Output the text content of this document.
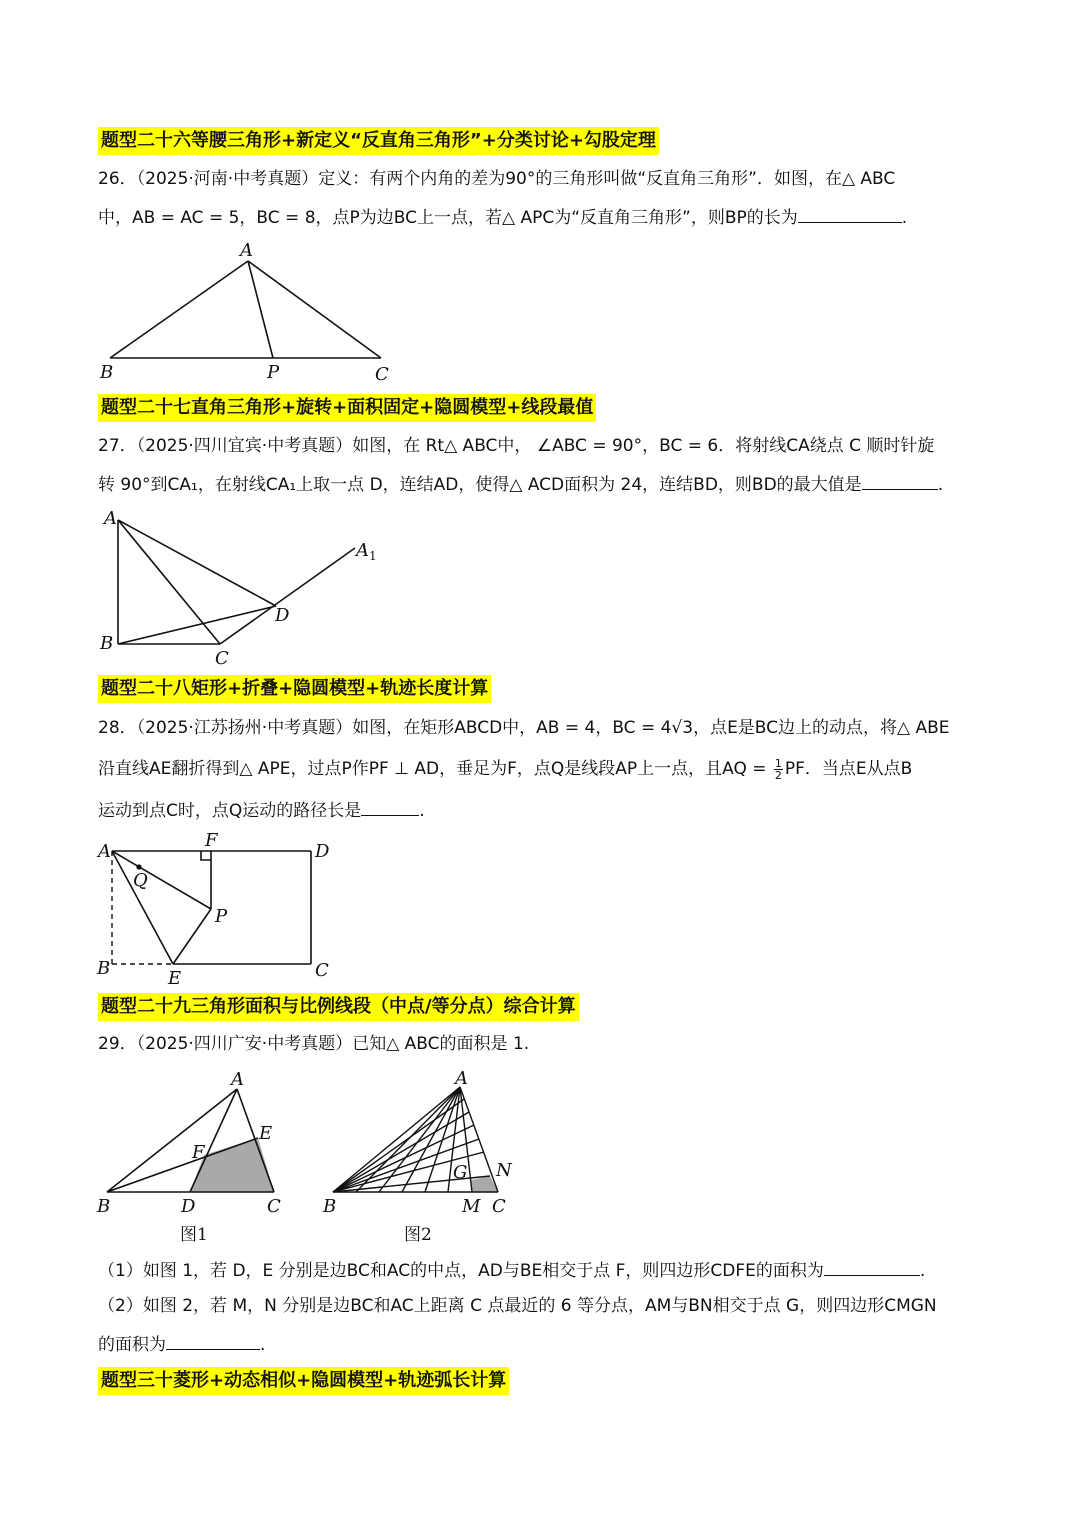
题型二十六等腰三角形+新定义“反直角三角形”+分类讨论+勾股定理
26．（2025·河南·中考真题）定义：有两个内角的差为90°的三角形叫做“反直角三角形”．如图，在△ ABC
中，AB = AC = 5，BC = 8，点P为边BC上一点，若△ APC为“反直角三角形”，则BP的长为	.
A
B	P	C
题型二十七直角三角形+旋转+面积固定+隐圆模型+线段最值
27．（2025·四川宜宾·中考真题）如图，在 Rt△ ABC中， ∠ABC = 90°，BC = 6．将射线CA绕点 C 顺时针旋
转 90°到CA₁，在射线CA₁上取一点 D，连结AD，使得△ ACD面积为 24，连结BD，则BD的最大值是	.
A
A 1
B
C
D
题型二十八矩形+折叠+隐圆模型+轨迹长度计算
28．（2025·江苏扬州·中考真题）如图，在矩形ABCD中，AB = 4，BC = 4√3，点E是BC边上的动点，将△ ABE
沿直线AE翻折得到△ APE，过点P作PF ⊥ AD，垂足为F，点Q是线段AP上一点，且AQ = $\frac{1}{2}$ PF．当点E从点B
运动到点C时，点Q运动的路径长是	.
A
F
D
Q
P
B	E	C
题型二十九三角形面积与比例线段（中点/等分点）综合计算
29．（2025·四川广安·中考真题）已知△ ABC的面积是 1.
A
E
F
B	D	C
图1
A
N
G
B	M C
图2
（1）如图 1，若 D，E 分别是边BC和AC的中点，AD与BE相交于点 F，则四边形CDFE的面积为	.
（2）如图 2，若 M，N 分别是边BC和AC上距离 C 点最近的 6 等分点，AM与BN相交于点 G，则四边形CMGN
的面积为	.
题型三十菱形+动态相似+隐圆模型+轨迹弧长计算
